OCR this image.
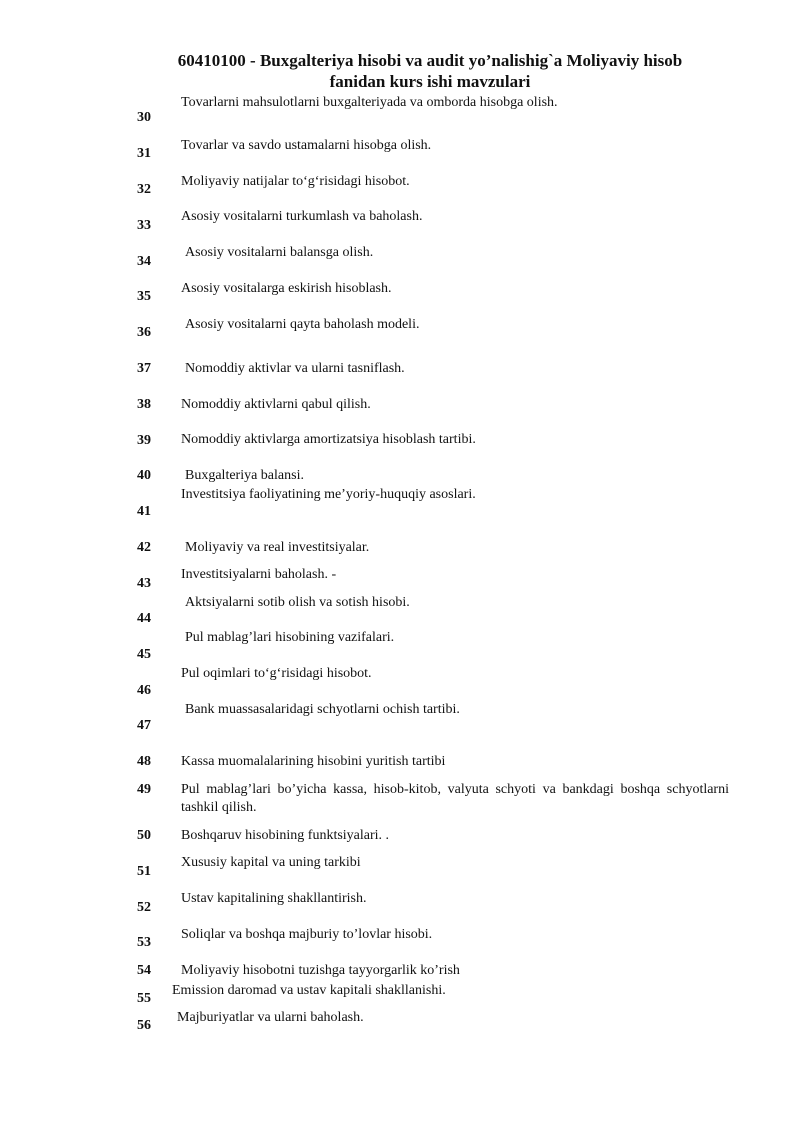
60410100 - Buxgalteriya hisobi va audit yo’nalishig`a Moliyaviy hisob
fanidan kurs ishi mavzulari
30
Tovarlarni mahsulotlarni buxgalteriyada va omborda hisobga olish.
31
Tovarlar va savdo ustamalarni hisobga olish.
32
Moliyaviy natijalar to‘g‘risidagi hisobot.
33
Asosiy vositalarni turkumlash va baholash.
34
Asosiy vositalarni balansga olish.
35
Asosiy vositalarga eskirish hisoblash.
36
Asosiy vositalarni qayta baholash modeli.
37 Nomoddiy aktivlar va ularni tasniflash.
38 Nomoddiy aktivlarni qabul qilish.
39 Nomoddiy aktivlarga amortizatsiya hisoblash tartibi.
40 Buxgalteriya balansi.
41
Investitsiya faoliyatining me’yoriy-huquqiy asoslari.
42 Moliyaviy va real investitsiyalar.
43
Investitsiyalarni baholash. -
44
Aktsiyalarni sotib olish va sotish hisobi.
45
Pul mablag’lari hisobining vazifalari.
46
Pul oqimlari to‘g‘risidagi hisobot.
47
Bank muassasalaridagi schyotlarni ochish tartibi.
48 Kassa muomalalarining hisobini yuritish tartibi
49 Pul mablag’lari bo’yicha kassa, hisob-kitob, valyuta schyoti va bankdagi boshqa schyotlarni tashkil qilish.
50 Boshqaruv hisobining funktsiyalari. .
51
Xususiy kapital va uning tarkibi
52
Ustav kapitalining shakllantirish.
53
Soliqlar va boshqa majburiy to’lovlar hisobi.
54 Moliyaviy hisobotni tuzishga tayyorgarlik ko’rish
55
Emission daromad va ustav kapitali shakllanishi.
56
Majburiyatlar va ularni baholash.
